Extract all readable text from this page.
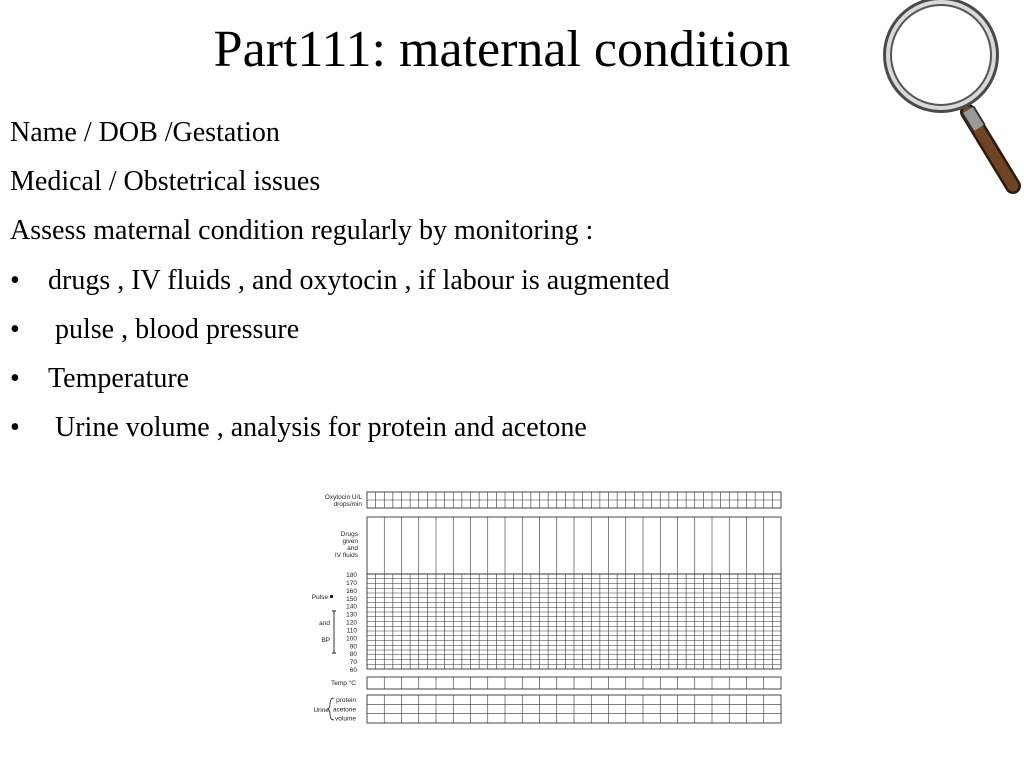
Part111: maternal condition
Name / DOB /Gestation
Medical / Obstetrical issues
Assess maternal condition regularly by monitoring :
•	drugs , IV fluids , and oxytocin , if labour is augmented
•	pulse , blood pressure
•	Temperature
•	Urine volume , analysis for protein and acetone
Oxytocin U/L
drops/min
Drugs
given
and
IV fluids
180
170
160
150
140
130
120
110
100
90
80
70
60
Pulse
and
BP
Temp °C
Urine
protein
acetone
volume
